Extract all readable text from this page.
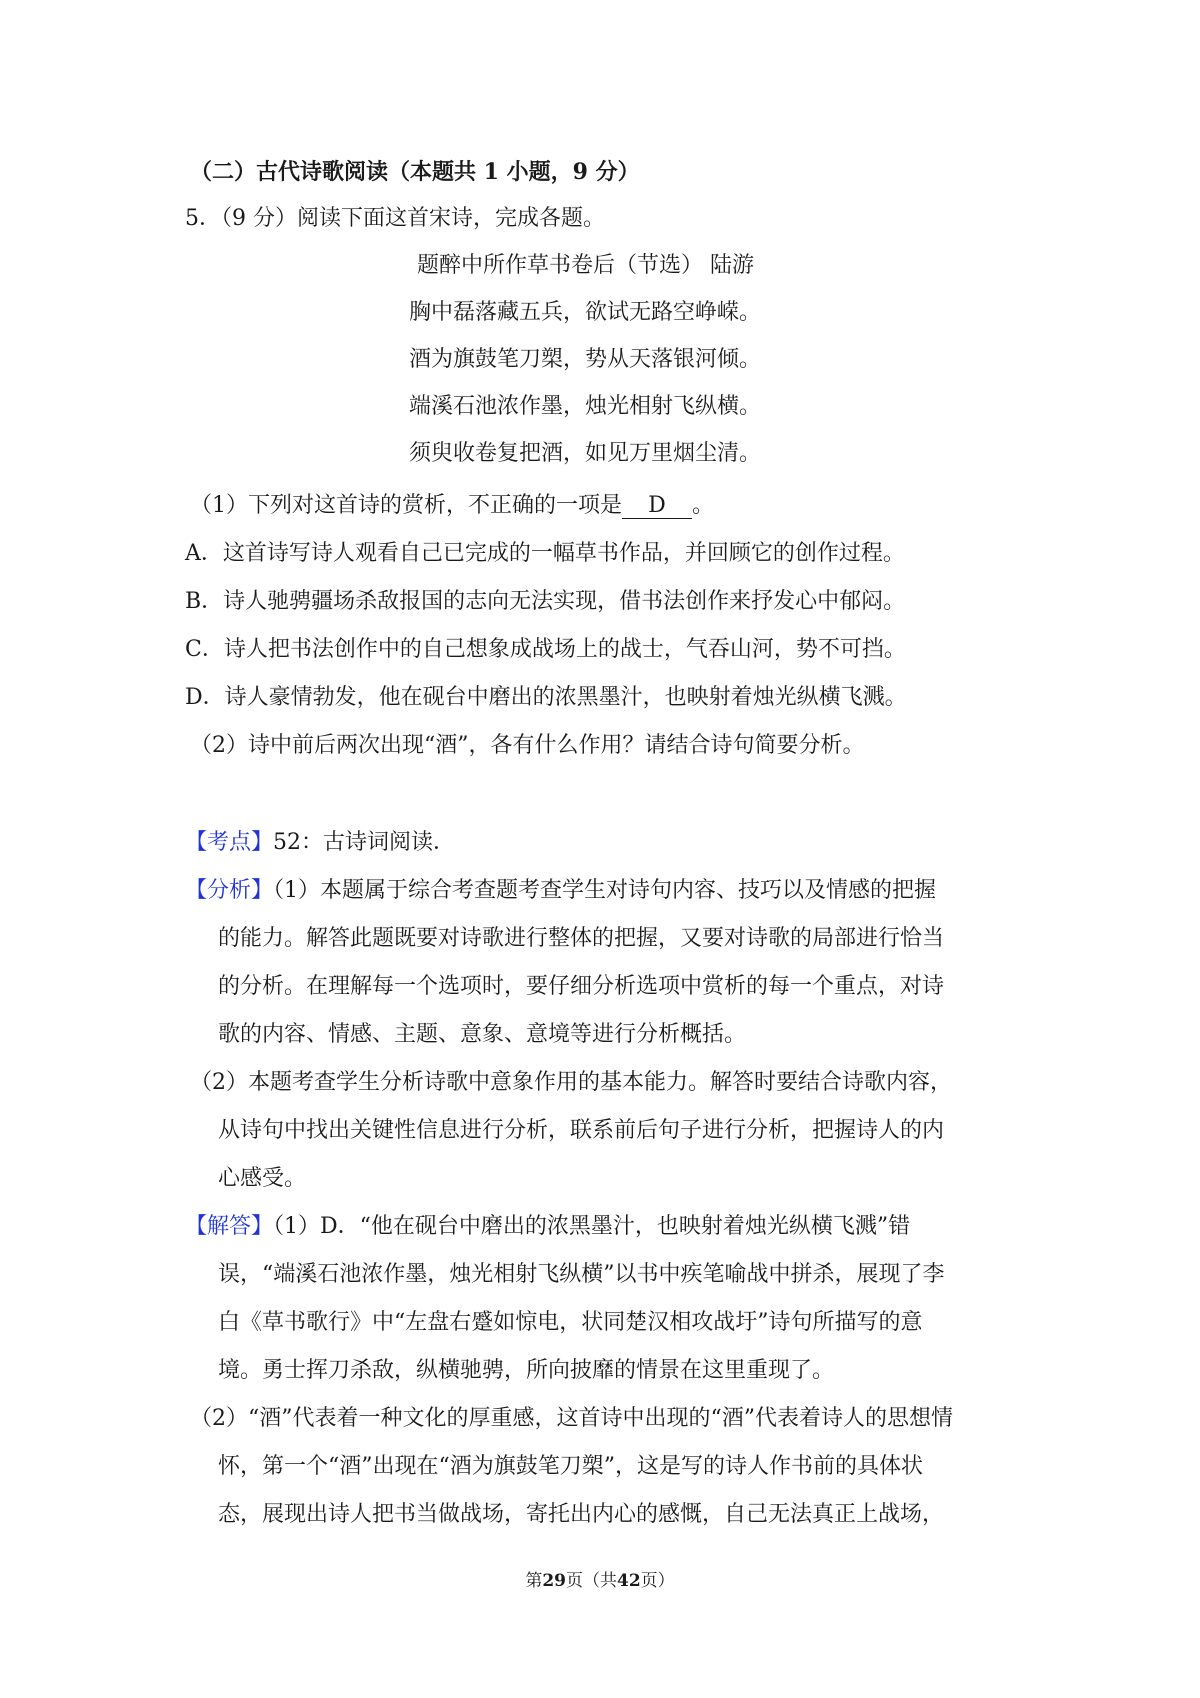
（二）古代诗歌阅读（本题共 1 小题，9 分）
5．（9 分）阅读下面这首宋诗，完成各题。
题醉中所作草书卷后（节选） 陆游
胸中磊落藏五兵，欲试无路空峥嵘。
酒为旗鼓笔刀槊，势从天落银河倾。
端溪石池浓作墨，烛光相射飞纵横。
须臾收卷复把酒，如见万里烟尘清。
（1）下列对这首诗的赏析，不正确的一项是 D 。
A．这首诗写诗人观看自己已完成的一幅草书作品，并回顾它的创作过程。
B．诗人驰骋疆场杀敌报国的志向无法实现，借书法创作来抒发心中郁闷。
C．诗人把书法创作中的自己想象成战场上的战士，气吞山河，势不可挡。
D．诗人豪情勃发，他在砚台中磨出的浓黑墨汁，也映射着烛光纵横飞溅。
（2）诗中前后两次出现“酒”，各有什么作用？请结合诗句简要分析。
【考点】52：古诗词阅读．
【分析】（1）本题属于综合考查题考查学生对诗句内容、技巧以及情感的把握
的能力。解答此题既要对诗歌进行整体的把握，又要对诗歌的局部进行恰当
的分析。在理解每一个选项时，要仔细分析选项中赏析的每一个重点，对诗
歌的内容、情感、主题、意象、意境等进行分析概括。
（2）本题考查学生分析诗歌中意象作用的基本能力。解答时要结合诗歌内容，
从诗句中找出关键性信息进行分析，联系前后句子进行分析，把握诗人的内
心感受。
【解答】（1）D．“他在砚台中磨出的浓黑墨汁，也映射着烛光纵横飞溅”错
误，“端溪石池浓作墨，烛光相射飞纵横”以书中疾笔喻战中拼杀，展现了李
白《草书歌行》中“左盘右蹙如惊电，状同楚汉相攻战圩”诗句所描写的意
境。勇士挥刀杀敌，纵横驰骋，所向披靡的情景在这里重现了。
（2）“酒”代表着一种文化的厚重感，这首诗中出现的“酒”代表着诗人的思想情
怀，第一个“酒”出现在“酒为旗鼓笔刀槊”，这是写的诗人作书前的具体状
态，展现出诗人把书当做战场，寄托出内心的感慨，自己无法真正上战场，
第29页（共42页）
